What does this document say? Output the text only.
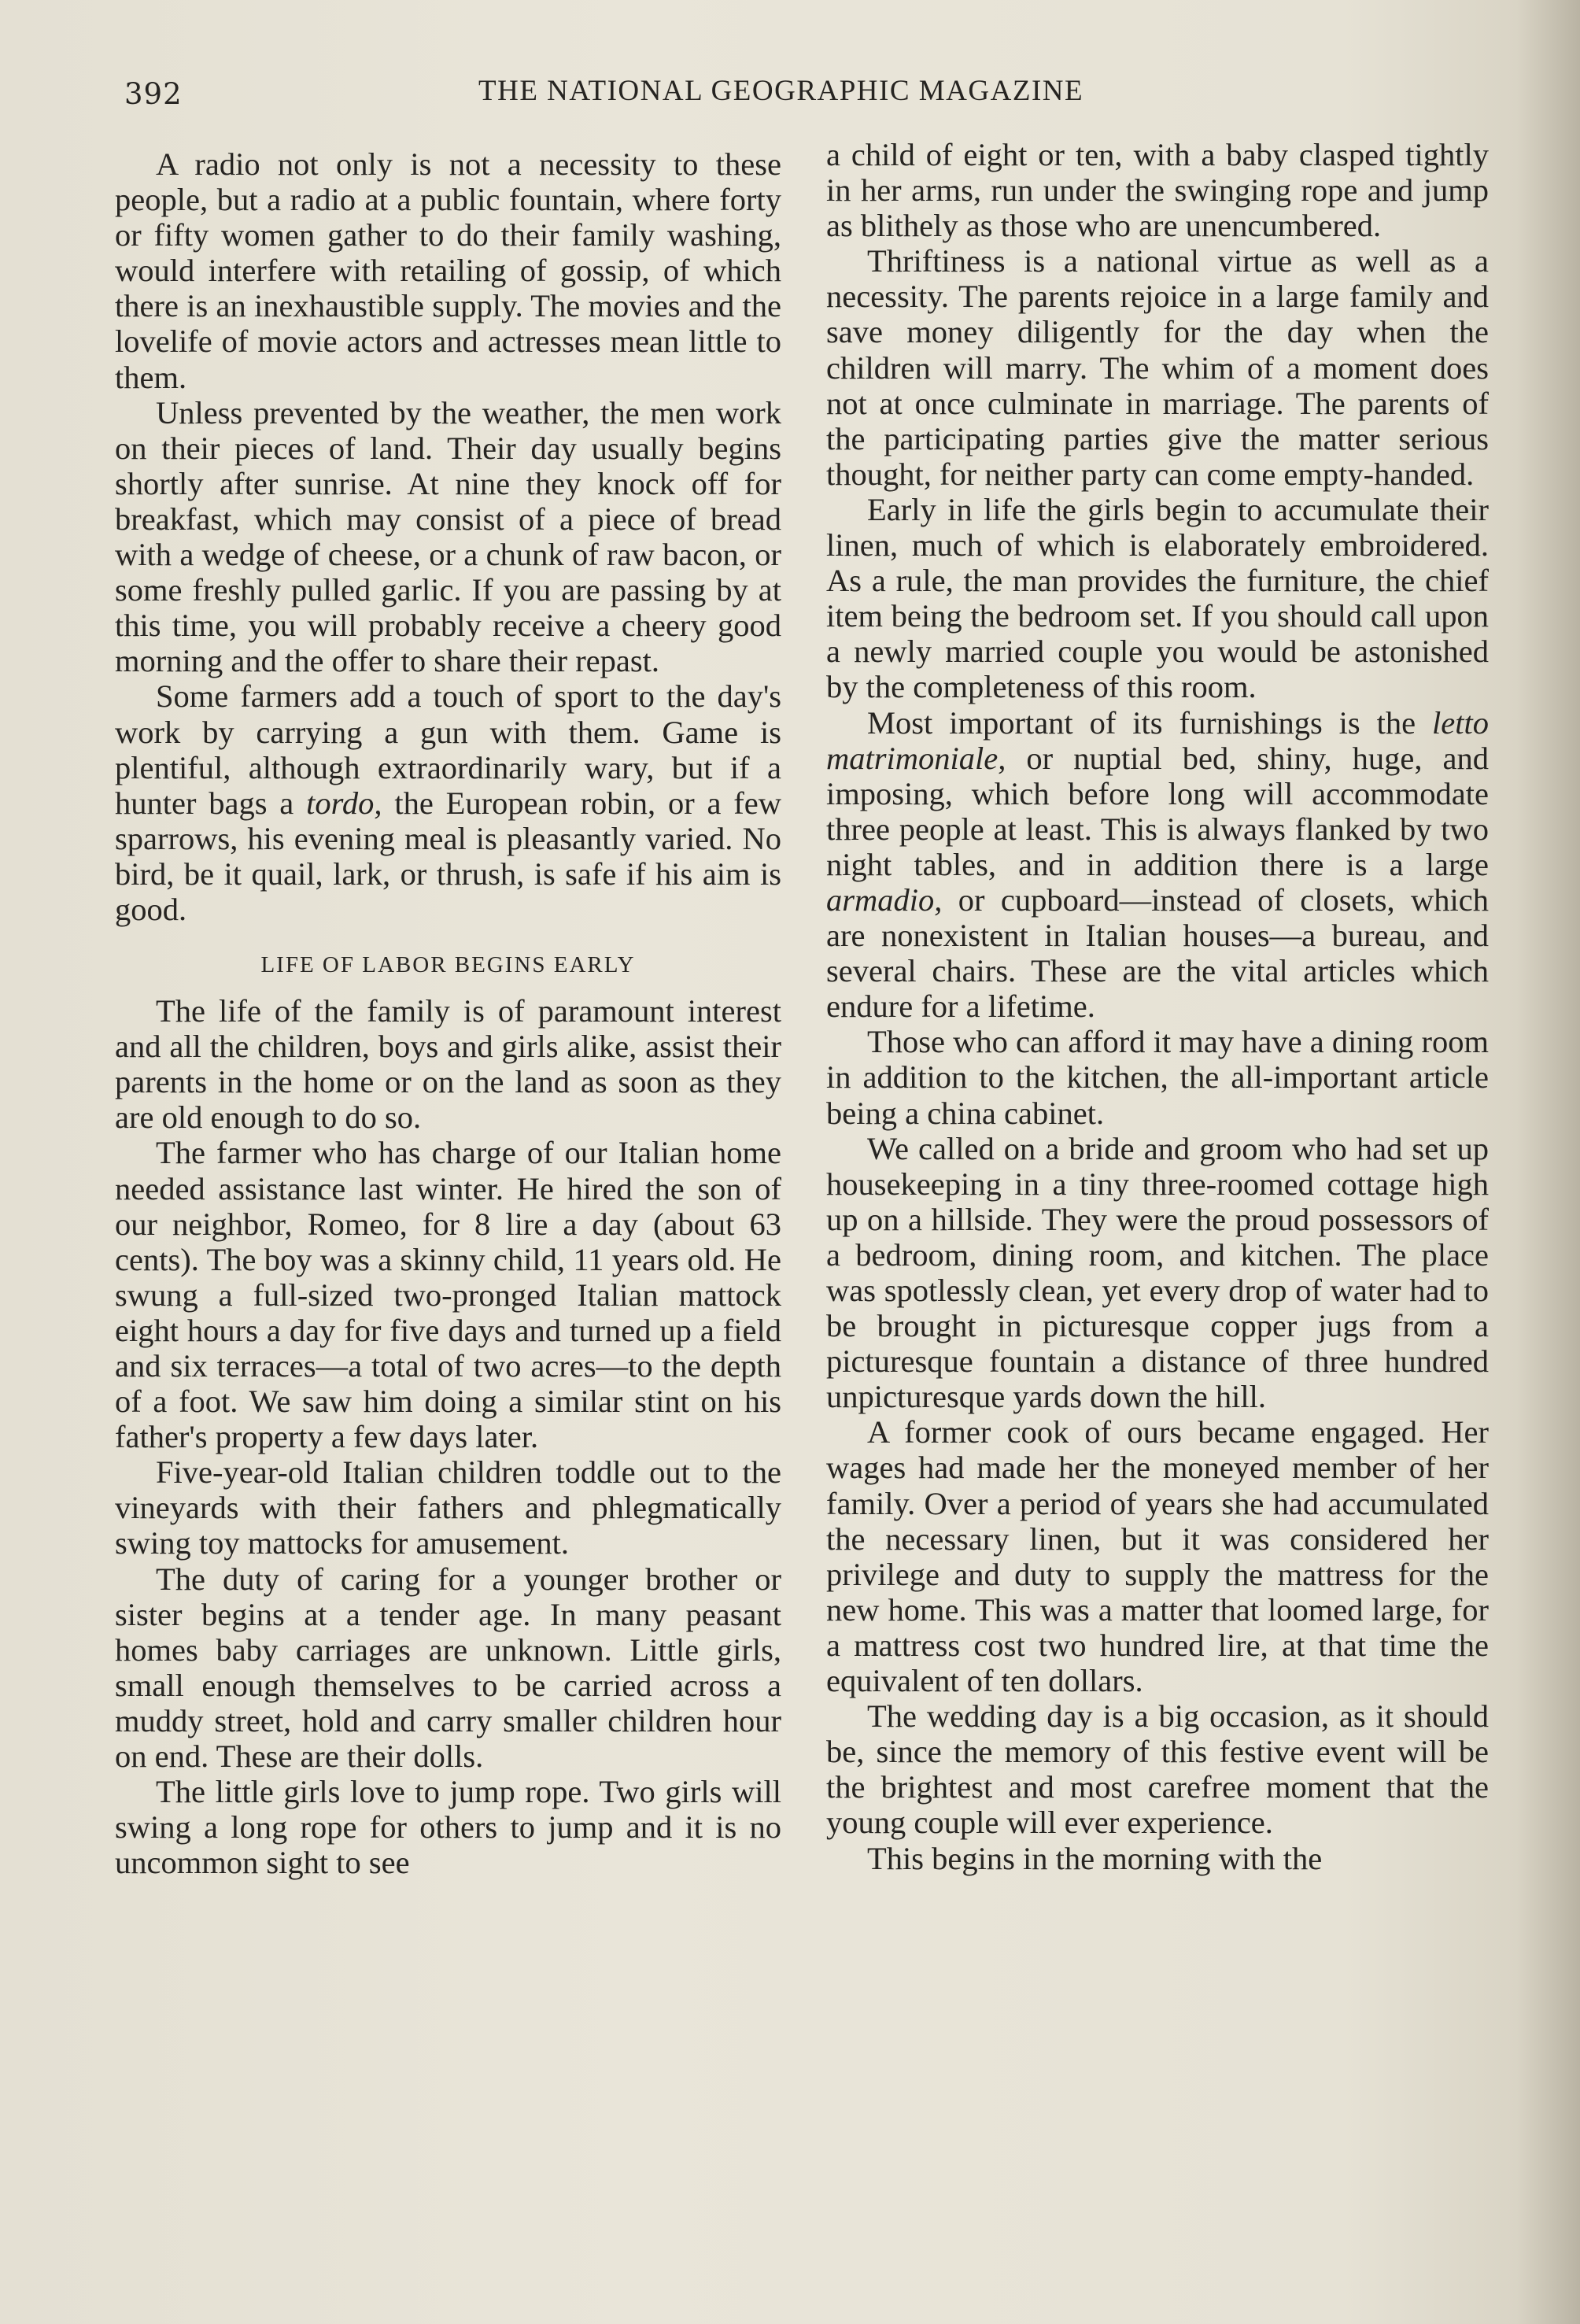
392	THE NATIONAL GEOGRAPHIC MAGAZINE

A radio not only is not a necessity to these people, but a radio at a public fountain, where forty or fifty women gather to do their family washing, would interfere with retailing of gossip, of which there is an inexhaustible supply. The movies and the lovelife of movie actors and actresses mean little to them.

Unless prevented by the weather, the men work on their pieces of land. Their day usually begins shortly after sunrise. At nine they knock off for breakfast, which may consist of a piece of bread with a wedge of cheese, or a chunk of raw bacon, or some freshly pulled garlic. If you are passing by at this time, you will probably receive a cheery good morning and the offer to share their repast.

Some farmers add a touch of sport to the day's work by carrying a gun with them. Game is plentiful, although extraordinarily wary, but if a hunter bags a tordo, the European robin, or a few sparrows, his evening meal is pleasantly varied. No bird, be it quail, lark, or thrush, is safe if his aim is good.

LIFE OF LABOR BEGINS EARLY

The life of the family is of paramount interest and all the children, boys and girls alike, assist their parents in the home or on the land as soon as they are old enough to do so.

The farmer who has charge of our Italian home needed assistance last winter. He hired the son of our neighbor, Romeo, for 8 lire a day (about 63 cents). The boy was a skinny child, 11 years old. He swung a full-sized two-pronged Italian mattock eight hours a day for five days and turned up a field and six terraces—a total of two acres—to the depth of a foot. We saw him doing a similar stint on his father's property a few days later.

Five-year-old Italian children toddle out to the vineyards with their fathers and phlegmatically swing toy mattocks for amusement.

The duty of caring for a younger brother or sister begins at a tender age. In many peasant homes baby carriages are unknown. Little girls, small enough themselves to be carried across a muddy street, hold and carry smaller children hour on end. These are their dolls.

The little girls love to jump rope. Two girls will swing a long rope for others to jump and it is no uncommon sight to see

a child of eight or ten, with a baby clasped tightly in her arms, run under the swinging rope and jump as blithely as those who are unencumbered.

Thriftiness is a national virtue as well as a necessity. The parents rejoice in a large family and save money diligently for the day when the children will marry. The whim of a moment does not at once culminate in marriage. The parents of the participating parties give the matter serious thought, for neither party can come empty-handed.

Early in life the girls begin to accumulate their linen, much of which is elaborately embroidered. As a rule, the man provides the furniture, the chief item being the bedroom set. If you should call upon a newly married couple you would be astonished by the completeness of this room.

Most important of its furnishings is the letto matrimoniale, or nuptial bed, shiny, huge, and imposing, which before long will accommodate three people at least. This is always flanked by two night tables, and in addition there is a large armadio, or cupboard—instead of closets, which are nonexistent in Italian houses—a bureau, and several chairs. These are the vital articles which endure for a lifetime.

Those who can afford it may have a dining room in addition to the kitchen, the all-important article being a china cabinet.

We called on a bride and groom who had set up housekeeping in a tiny three-roomed cottage high up on a hillside. They were the proud possessors of a bedroom, dining room, and kitchen. The place was spotlessly clean, yet every drop of water had to be brought in picturesque copper jugs from a picturesque fountain a distance of three hundred unpicturesque yards down the hill.

A former cook of ours became engaged. Her wages had made her the moneyed member of her family. Over a period of years she had accumulated the necessary linen, but it was considered her privilege and duty to supply the mattress for the new home. This was a matter that loomed large, for a mattress cost two hundred lire, at that time the equivalent of ten dollars.

The wedding day is a big occasion, as it should be, since the memory of this festive event will be the brightest and most carefree moment that the young couple will ever experience.

This begins in the morning with the
